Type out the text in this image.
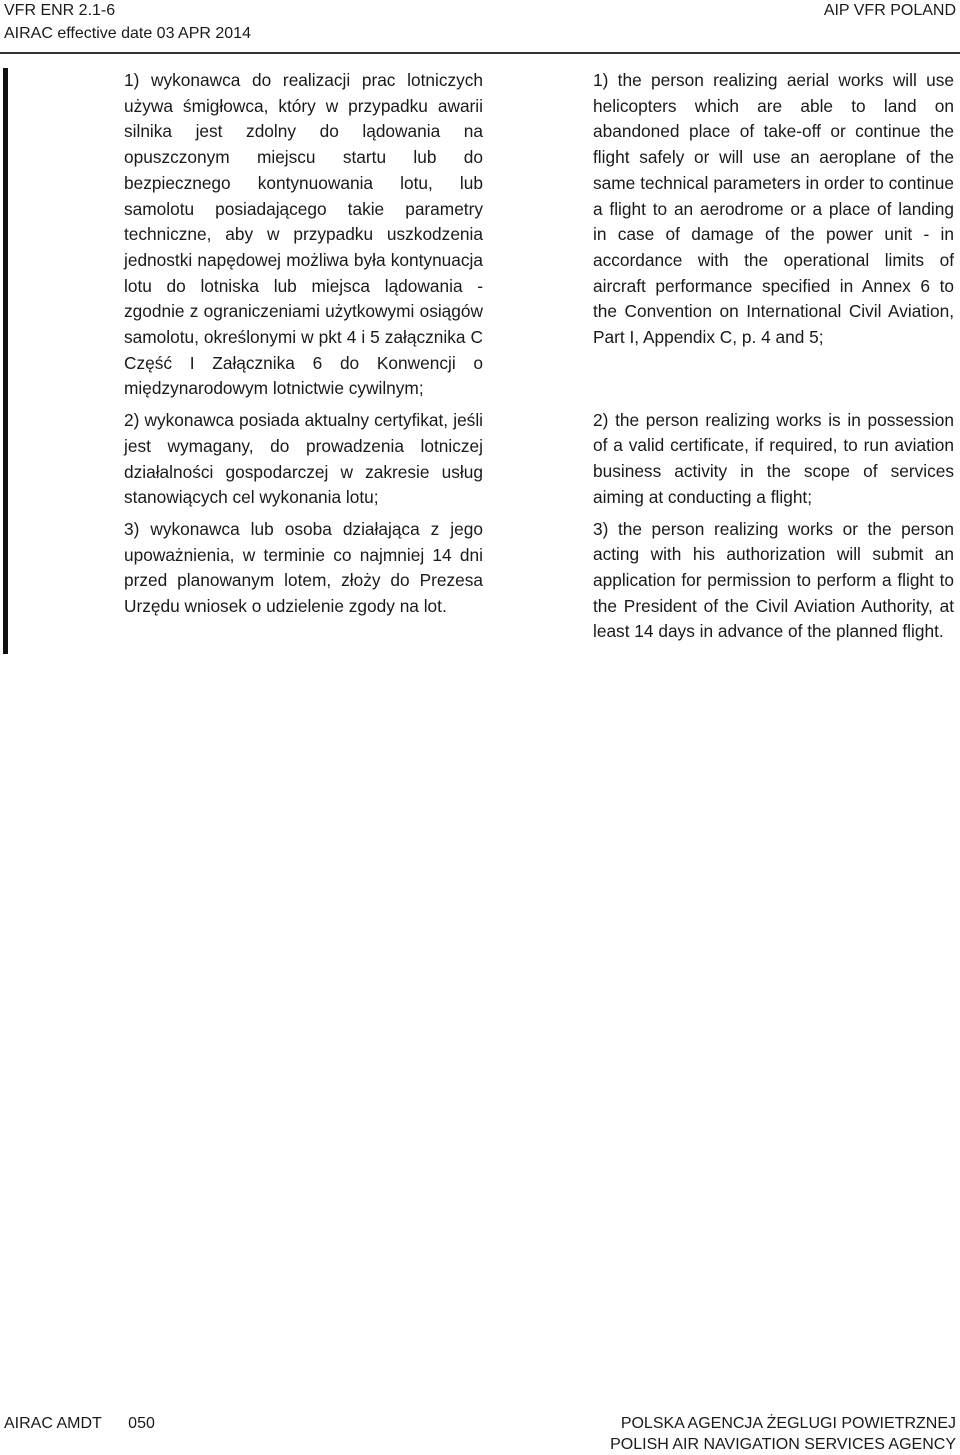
VFR ENR 2.1-6
AIRAC effective date 03 APR 2014
AIP VFR POLAND

1) wykonawca do realizacji prac lotniczych używa śmigłowca, który w przypadku awarii silnika jest zdolny do lądowania na opuszczonym miejscu startu lub do bezpiecznego kontynuowania lotu, lub samolotu posiadającego takie parametry techniczne, aby w przypadku uszkodzenia jednostki napędowej możliwa była kontynuacja lotu do lotniska lub miejsca lądowania - zgodnie z ograniczeniami użytkowymi osiągów samolotu, określonymi w pkt 4 i 5 załącznika C Część I Załącznika 6 do Konwencji o międzynarodowym lotnictwie cywilnym;

2) wykonawca posiada aktualny certyfikat, jeśli jest wymagany, do prowadzenia lotniczej działalności gospodarczej w zakresie usług stanowiących cel wykonania lotu;

3) wykonawca lub osoba działająca z jego upoważnienia, w terminie co najmniej 14 dni przed planowanym lotem, złoży do Prezesa Urzędu wniosek o udzielenie zgody na lot.

1) the person realizing aerial works will use helicopters which are able to land on abandoned place of take-off or continue the flight safely or will use an aeroplane of the same technical parameters in order to continue a flight to an aerodrome or a place of landing in case of damage of the power unit - in accordance with the operational limits of aircraft performance specified in Annex 6 to the Convention on International Civil Aviation, Part I, Appendix C, p. 4 and 5;

2) the person realizing works is in possession of a valid certificate, if required, to run aviation business activity in the scope of services aiming at conducting a flight;

3) the person realizing works or the person acting with his authorization will submit an application for permission to perform a flight to the President of the Civil Aviation Authority, at least 14 days in advance of the planned flight.

AIRAC AMDT      050	POLSKA AGENCJA ŻEGLUGI POWIETRZNEJ
POLISH AIR NAVIGATION SERVICES AGENCY
